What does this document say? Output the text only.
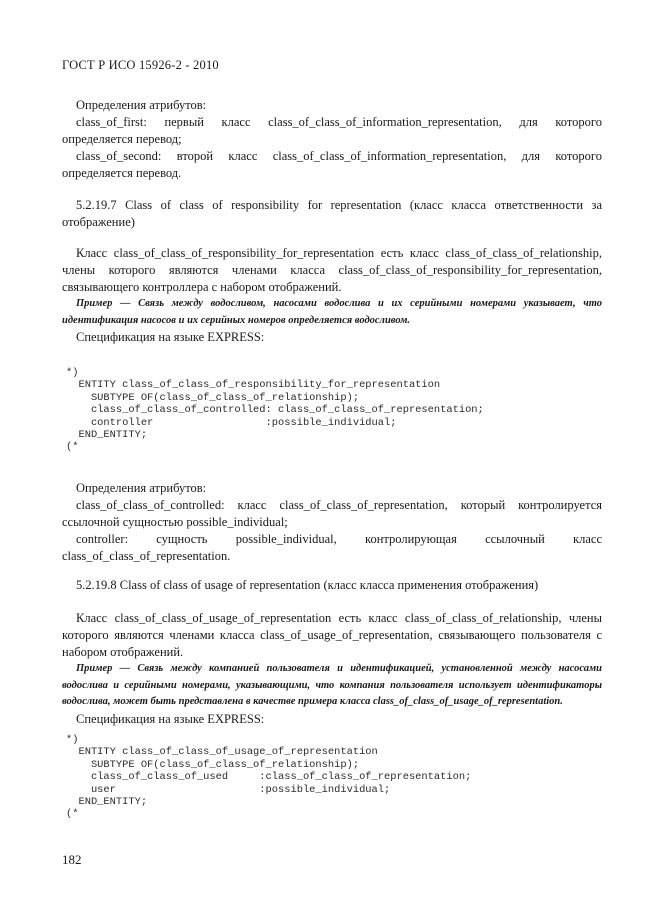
ГОСТ Р ИСО 15926-2 - 2010

Определения атрибутов:

class_of_first: первый класс class_of_class_of_information_representation, для которого определяется перевод;

class_of_second: второй класс class_of_class_of_information_representation, для которого определяется перевод.

5.2.19.7 Class of class of responsibility for representation (класс класса ответственности за отображение)

Класс class_of_class_of_responsibility_for_representation есть класс class_of_class_of_relationship, члены которого являются членами класса class_of_class_of_responsibility_for_representation, связывающего контроллера с набором отображений.

Пример — Связь между водосливом, насосами водослива и их серийными номерами указывает, что идентификация насосов и их серийных номеров определяется водосливом.

Спецификация на языке EXPRESS:

*)
ENTITY class_of_class_of_responsibility_for_representation
SUBTYPE OF(class_of_class_of_relationship);
class_of_class_of_controlled: class_of_class_of_representation;
controller                  :possible_individual;
END_ENTITY;
(*

Определения атрибутов:

class_of_class_of_controlled: класс class_of_class_of_representation, который контролируется ссылочной сущностью possible_individual;

controller: сущность possible_individual, контролирующая ссылочный класс class_of_class_of_representation.

5.2.19.8 Class of class of usage of representation (класс класса применения отображения)

Класс class_of_class_of_usage_of_representation есть класс class_of_class_of_relationship, члены которого являются членами класса class_of_usage_of_representation, связывающего пользователя с набором отображений.

Пример — Связь между компанией пользователя и идентификацией, установленной между насосами водослива и серийными номерами, указывающими, что компания пользователя использует идентификаторы водослива, может быть представлена в качестве примера класса class_of_class_of_usage_of_representation.

Спецификация на языке EXPRESS:

*)
ENTITY class_of_class_of_usage_of_representation
SUBTYPE OF(class_of_class_of_relationship);
class_of_class_of_used     :class_of_class_of_representation;
user                       :possible_individual;
END_ENTITY;
(*
182
